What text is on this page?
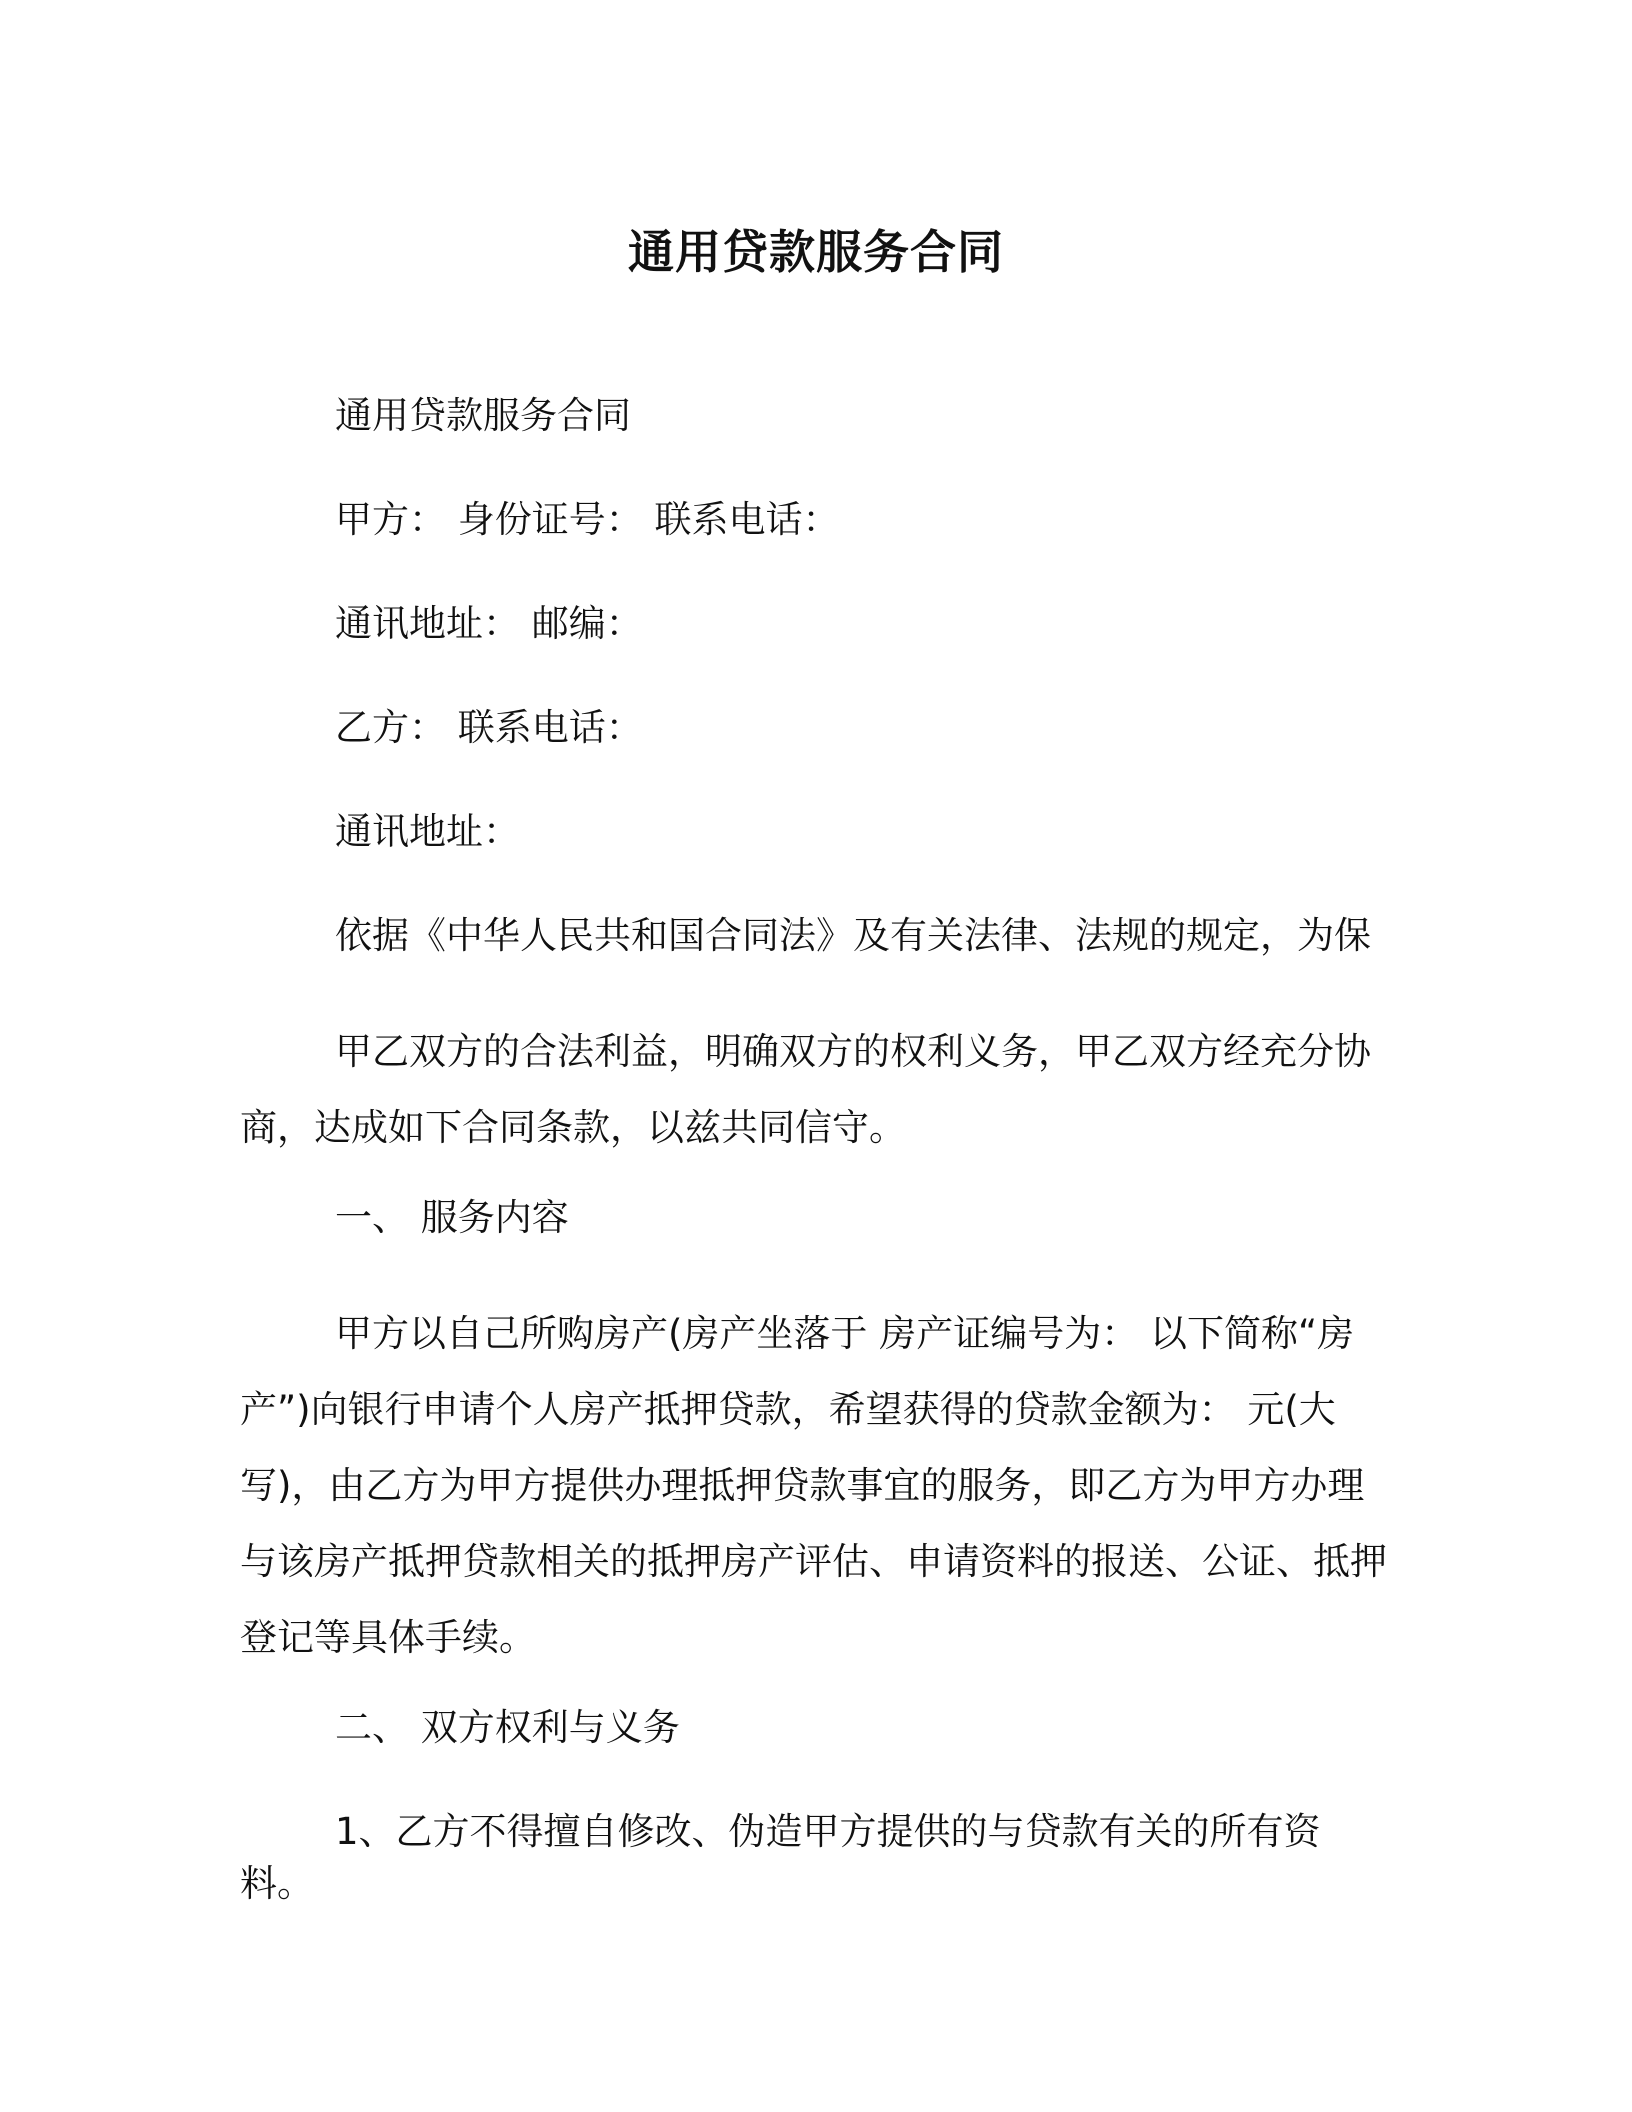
通用贷款服务合同

通用贷款服务合同

甲方： 身份证号： 联系电话：

通讯地址： 邮编：

乙方： 联系电话：

通讯地址：

依据《中华人民共和国合同法》及有关法律、法规的规定，为保

甲乙双方的合法利益，明确双方的权利义务，甲乙双方经充分协商，达成如下合同条款，以兹共同信守。

一、 服务内容

甲方以自己所购房产(房产坐落于 房产证编号为： 以下简称“房产”)向银行申请个人房产抵押贷款，希望获得的贷款金额为： 元(大写)，由乙方为甲方提供办理抵押贷款事宜的服务，即乙方为甲方办理与该房产抵押贷款相关的抵押房产评估、申请资料的报送、公证、抵押登记等具体手续。

二、 双方权利与义务

1、乙方不得擅自修改、伪造甲方提供的与贷款有关的所有资料。
